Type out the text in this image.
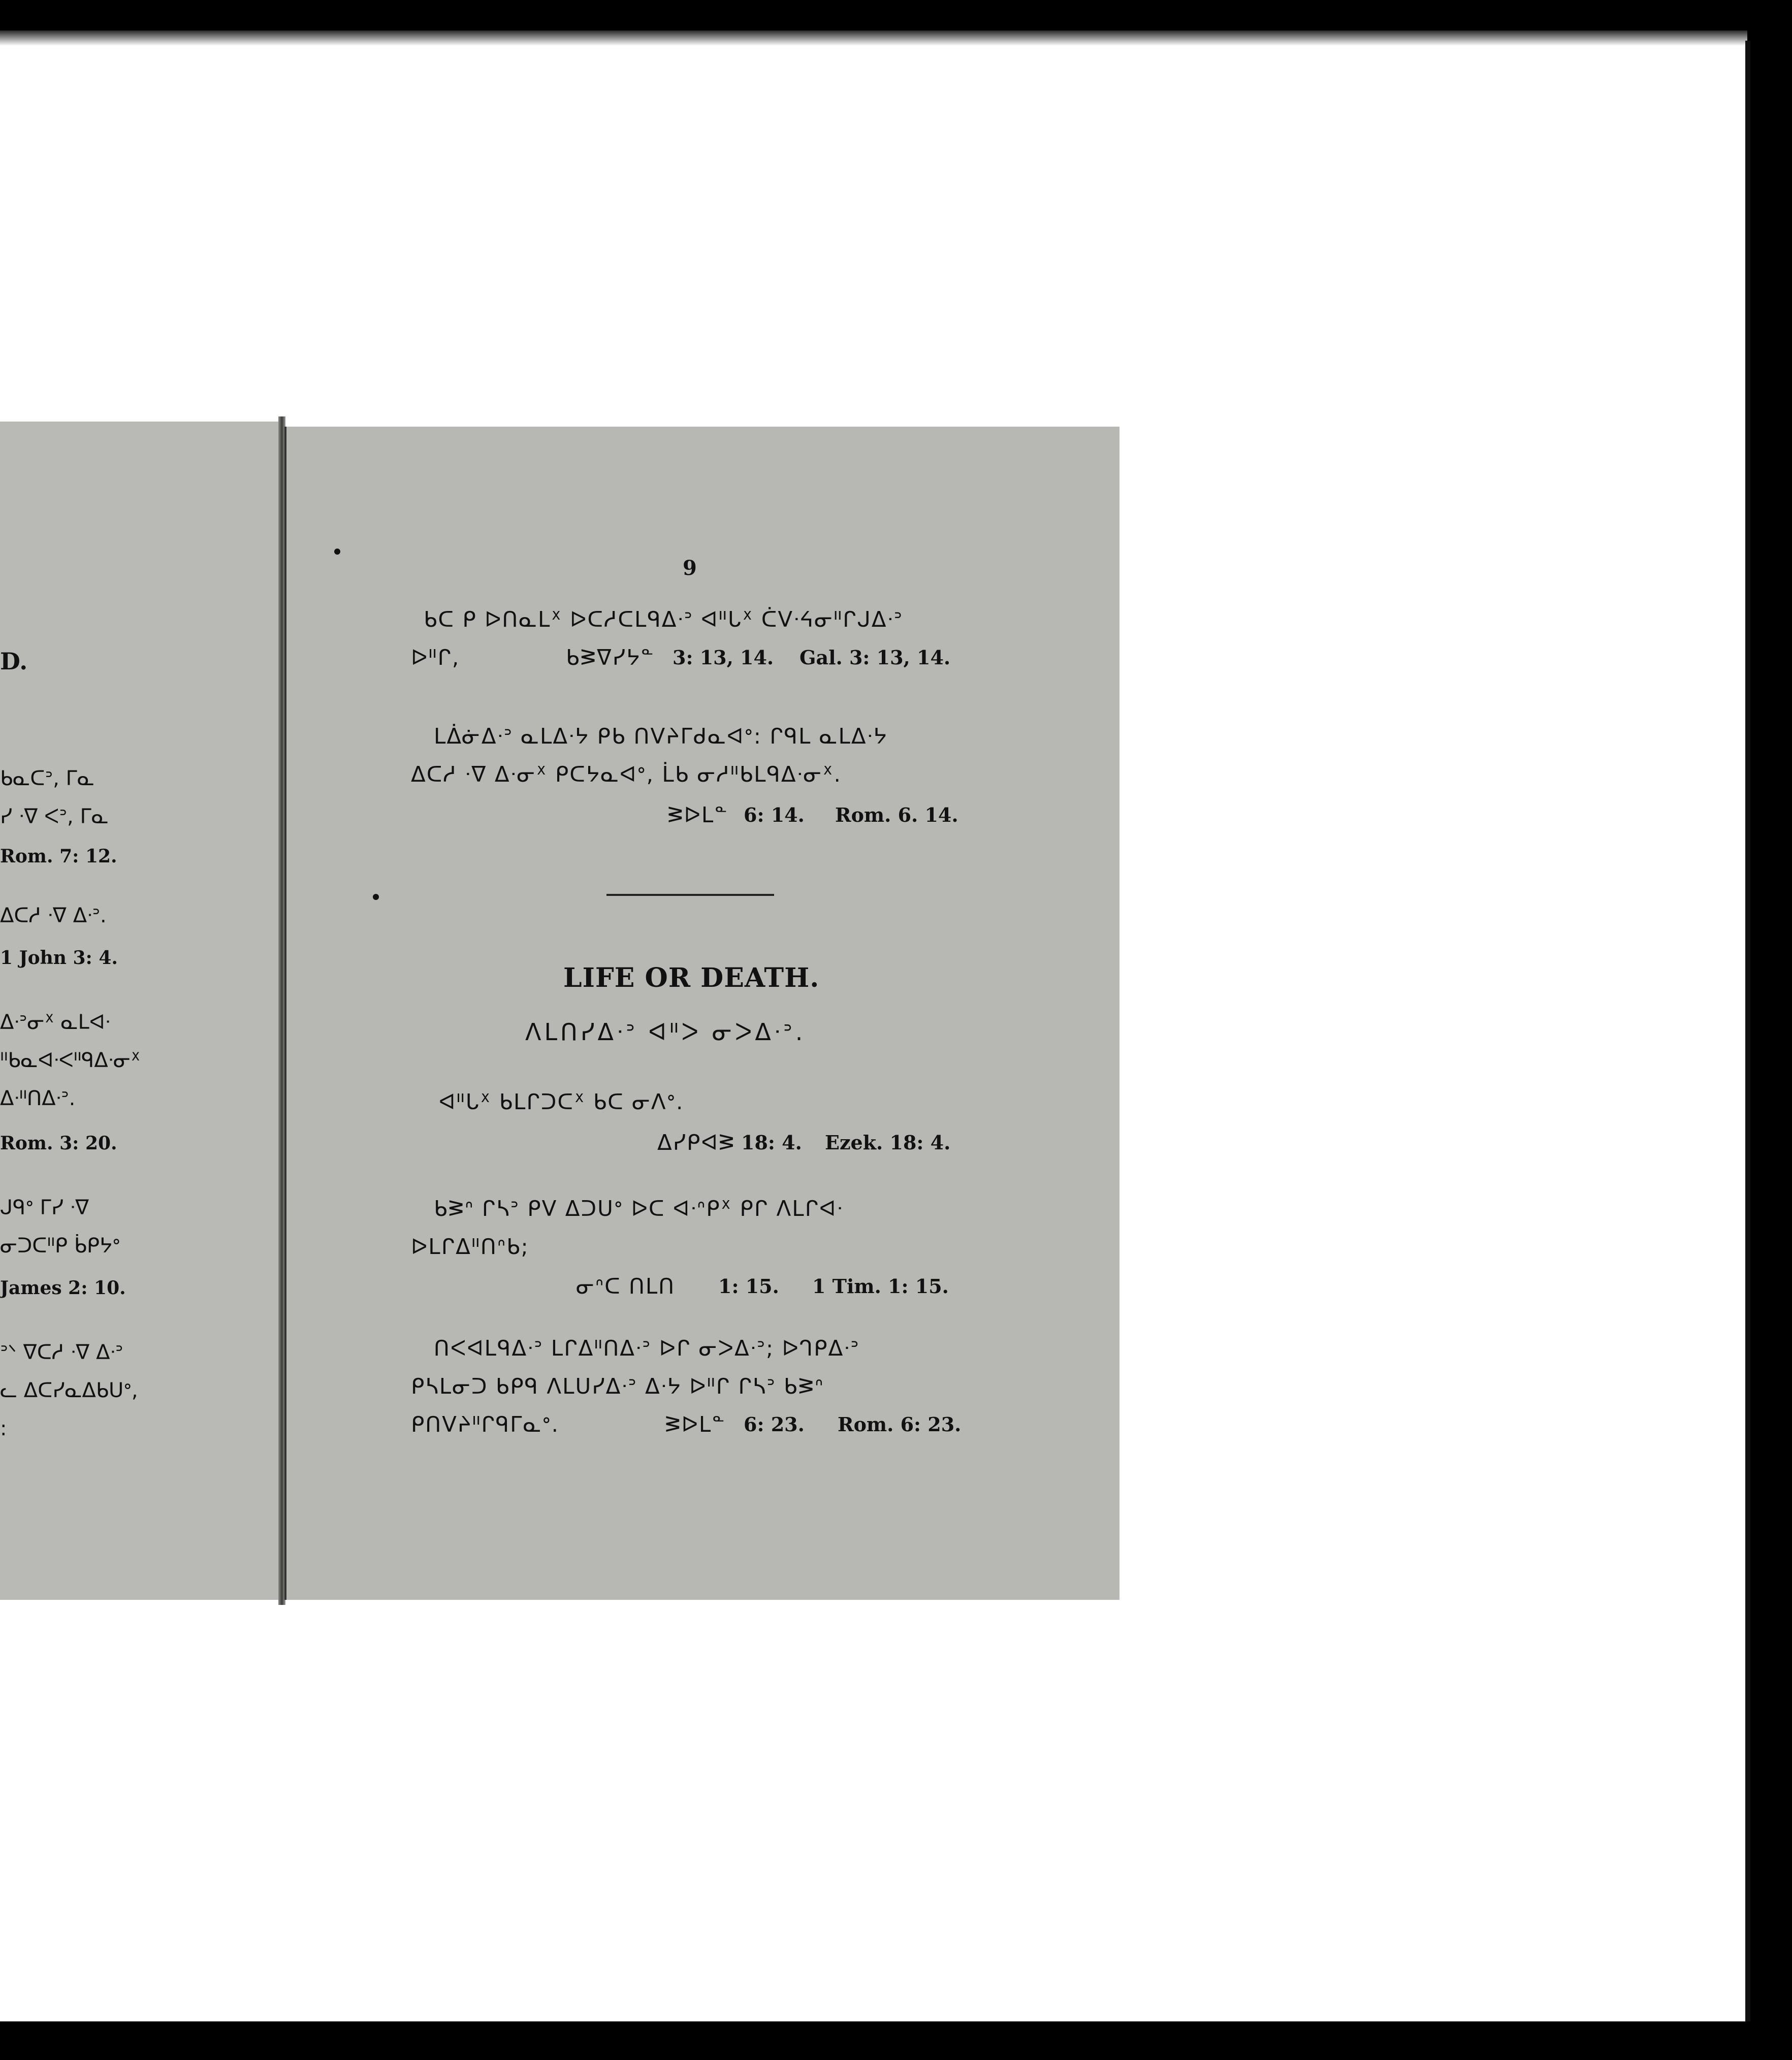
D.
ᑲᓇᑕᐣ, ᒥᓇ
ᓯ ᐧᐁ ᐸᐣ, ᒥᓇ
Rom. 7: 12.
ᐃᑕᓱ ᐧᐁ ᐃᐧᐣ.
1 John 3: 4.
ᐃᐧᐣᓂᕽ ᓇᒪᐊᐧ
ᐦᑲᓇᐊᐧᐸᐦᑫᐃᐧᓂᕽ
ᐃᐧᐦᑎᐃᐧᐣ.
Rom. 3: 20.
ᒍᑫᐤ ᒥᓯ ᐧᐁ
ᓂᑐᑕᐦᑭ ᑳᑭᔭᐤ
James 2: 10.
ᐣᐠ ᐁᑕᓱ ᐧᐁ ᐃᐧᐣ
ᓚ ᐃᑕᓯᓇᐃᑲᑌᐤ,
:
9
ᑲᑕ ᑭ ᐅᑎᓇᒪᕽ ᐅᑕᓱᑕᒪᑫᐃᐧᐣ ᐊᐦᒐᕽ ᑖᐯᐧᔦᓂᐦᒋᒍᐃᐧᐣ
ᐅᐦᒋ,	ᑲᕒᐁᓯᔭᓐ 3: 13, 14. Gal. 3: 13, 14.
ᒪᐄᓃᐃᐧᐣ ᓇᒪᐃᐧᔭ ᑭᑲ ᑎᐯᔨᒥᑯᓇᐊᐤ: ᒋᑫᒪ ᓇᒪᐃᐧᔭ
ᐃᑕᓱ ᐧᐁ ᐃᐧᓂᕽ ᑭᑕᔭᓇᐊᐤ, ᒫᑲ ᓂᓱᐦᑲᒪᑫᐃᐧᓂᕽ.
ᕒᐅᒪᓐ 6: 14. Rom. 6. 14.
LIFE OR DEATH.
ᐱᒪᑎᓯᐃᐧᐣ ᐊᐦᐳ ᓂᐳᐃᐧᐣ.
ᐊᐦᒐᕽ ᑲᒪᒋᑐᑕᕽ ᑲᑕ ᓂᐱᐤ.
ᐃᓯᑭᐊᕒ 18: 4. Ezek. 18: 4.
ᑲᕒᐢ ᒋᓴᐣ ᑭᐯ ᐃᑐᑌᐤ ᐅᑕ ᐊᐧᐢᑭᕽ ᑭᒋ ᐱᒪᒋᐊᐧ
ᐅᒪᒋᐃᐦᑎᐢᑲ;
ᓂᐢᑕ ᑎᒪᑎ 1: 15. 1 Tim. 1: 15.
ᑎᐸᐊᒪᑫᐃᐧᐣ ᒪᒋᐃᐦᑎᐃᐧᐣ ᐅᒋ ᓂᐳᐃᐧᐣ; ᐅᒉᑭᐃᐧᐣ
ᑭᓴᒪᓂᑐ ᑲᑭᑫ ᐱᒪᑌᓯᐃᐧᐣ ᐃᐧᔭ ᐅᐦᒋ ᒋᓴᐣ ᑲᕒᐢ
ᑭᑎᐯᔨᐦᒋᑫᒥᓇᐤ.	ᕒᐅᒪᓐ 6: 23. Rom. 6: 23.
